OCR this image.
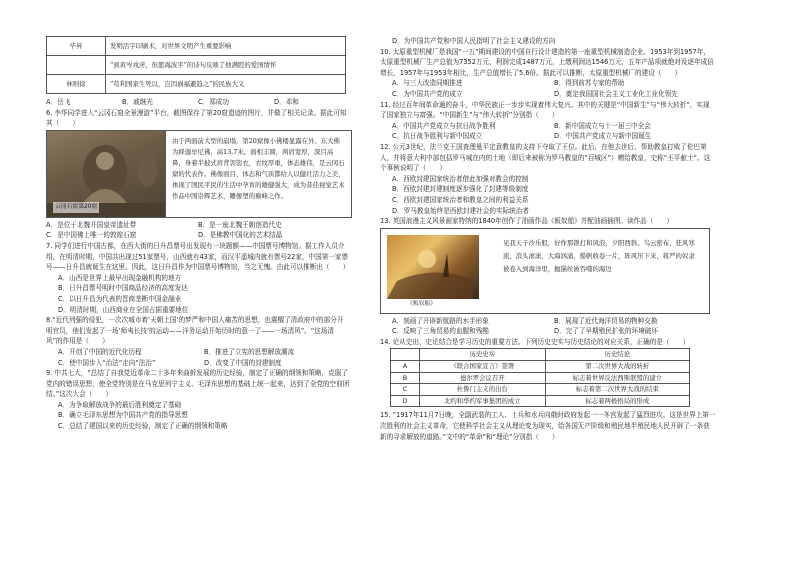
毕昇	发明活字印刷术，对世界文明产生重要影响
	“到黄岑戎虏，但愿海波平”的诗句反映了他满腔的爱国情怀
林则徐	“苟利国家生死以，岂因祸福避趋之”的民族大义
A．岳飞	B．戚继光	C．郑成功	D．邓和

6. 李华同学进入“云冈石窟全景漫游”平台，截图保存了第20窟遗迹的图片，并做了相关记录。据此可知其（　　）

云冈石窟第20窟
由于两面前大型的崩塌，第20窟像小佛楼显露在外。东大佛为释迦牟尼佛，高13.7米，面相丰圆，两肩宽厚，深目高鼻，身着半披式肩背袈裟衣，衣纹厚重，体态雄伟，是云冈石窟的代表作。佛像面目、体态和气质都给人以健壮活力之美，体现了国民平民的生活中孕育的雄健强大，成为昔佳视觉艺术作品中国崇辉艺术，雕像塑的巅峰之作。
A．是位于北魏开国皇帝遗址带	B．是一座北魏王朝创造代史
C．是中国佛上唯一的敦煌石窟	D．是佛教中国化的艺术结晶

7. 同学们进行中国古都，在西大街的日升昌票号出发现有一块题额——中国票号博物馆。据工作人员介绍，在明清时期，中国共出现过51家票号，山西就有43家，而汉平遥城内就有票号22家，中国第一家票号——日升昌就诞生在这里。因此，这日升昌作为中国票号博物馆，当之无愧。由此可以推断出（　　）

A．山西是世界上最早出现金融机构的地方
B．日升昌票号明时中国商品经济的高度发达
C．以日升昌为代表的晋商垄断中国金融业
D．明清时期，山西商业在全国占据重要地位

8.“近代列强的侵犯，一次次城市着‘天朝上国’的梦严和中国人痛苦的思想，也震醒了清政府中的部分开明官员，他们发起了一场‘师夷长技’的运动——洋务运动开始历时的意一了——一场清风”。“这场清风”的作用是（　　）

A．开创了中国的近代化历程	B．推进了立宪的思想解放潮流
C．使中国步入“治法”走向“法治”	D．改变了中国的封建制度

9. 中共七大，“总结了自我党近革命二十多年来曲折发展的历史经验，制定了正确的纲领和策略，克服了党内的错误思想，使全党特别是在马克思列宁主义、毛泽东思想的基础上统一起来，达到了全党的空前团结。”这次大会（　　）

A．为争取解放战争的最后胜利奠定了基础
B．确立毛泽东思想为中国共产党的指导思想
C．总结了建国以来的历史经验，制定了正确的纲领和策略
D．为中国共产党和中国人民指明了社会主义建设的方向

10. 太原重型机械厂是我国“一五”期间建设的中国自行设计建造的第一座重型机械制造企业。1953年到1957年，太原重型机械厂生产总值为7352万元，利润完成1487万元，上缴利润达1546万元，五年产品项就绝对及逐年成倍增长，1957年与1953年相比，生产总值增长了5.6倍。据此可以推断，太原重型机械厂的建设（　　）

A．与三大改造同期推进	B．得到前苏专家的帮助
C．为中国共产党的成立	D．奠定我国国社会主义工业化工业化领先

11. 经过百年间革命通的奋斗，中华民族正一步步实现着伟大复兴。其中的关键是“中国新生”与“伟大转折”，实现了国家独立与富强。“中国新生”与“伟大转折”分别指（　　）

A．中国共产党成立与抗日战争胜利	B．新中国成立与十一届三中全会
C．抗日战争胜利与新中国成立	D．中国共产党成立与新中国诞生

12. 公元3世纪，法兰克王国查理曼平定意教皇的支持下夺取了王位。此后，在他去世后，帮助教皇打败了伦巴第人，并将意大利中部包括罗马城在内的土地（即后来被称为罗马教皇的“百城区”）赠给教皇，史称“丕平献土”。这个事例说明了（　　）

A．西欧封建国家统治者借此加强对教会的控制
B．西欧封建封建制度逐步强化了封建等级制度
C．西欧封建国家统治者和教皇之间的利益关系
D．罗马教皇始终是西欧封建社会的实际统治者

13. 英国浪漫主义风景画家特纳的1840年创作了油画作品《贩奴船》并配油画插图。读作品（　　）

《贩奴船》
见我天子沙乐般，好作那锁打和风浪，夕阳西斜。鸟云密布，狂风寒流，浪头滚滚，大海汹涌，船帆收卷一片，阵风压下来，将严的奴隶被卷入到海洋里，抛锚丝被吞噬的海边
A．刻画了开辟新航路的水手形象	B．展现了近代海洋贸易的物种交换
C．反映了三角贸易的血腥和残酷	D．完了了早期殖民扩张的环境破坏

14. 论从史出，史论结合是学习历史的重要方法。下列历史史实与历史结论的对应关系，正确的是（　　）

	历史史实	历史结论
A	《联合国家宣言》签署	第二次世界大战的转折
B	德尔罗会议召开	标志着世界反法西斯联盟的建立
C	杜鲁门主义的出台	标志着第二次世界大战的结束
D	北约和华约军事集团的成立	标志着两极格局的形成

15. “1917年11月7日晚，全副武装的工人、士兵和水兵向俄时政府发起一一冬宫发起了猛烈进攻。这是世界上第一次胜利的社会主义革命，它使科学社会主义从理论变为现实，给各国无产阶级和殖民地半殖民地人民开辟了一条获新的寻求解放的道路。”文中的“革命”和“理论”分别指（　　）
